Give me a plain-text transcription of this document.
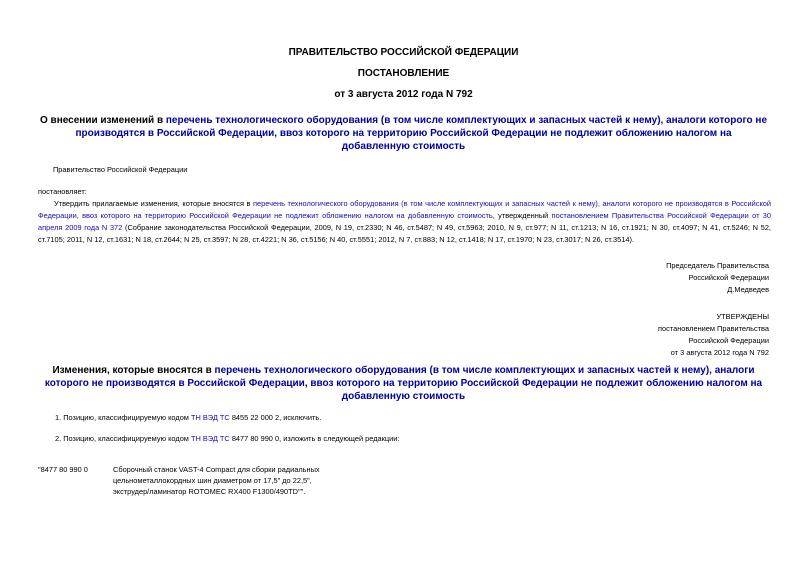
ПРАВИТЕЛЬСТВО РОССИЙСКОЙ ФЕДЕРАЦИИ
ПОСТАНОВЛЕНИЕ
от 3 августа 2012 года N 792
О внесении изменений в перечень технологического оборудования (в том числе комплектующих и запасных частей к нему), аналоги которого не производятся в Российской Федерации, ввоз которого на территорию Российской Федерации не подлежит обложению налогом на добавленную стоимость
Правительство Российской Федерации
постановляет:
Утвердить прилагаемые изменения, которые вносятся в перечень технологического оборудования (в том числе комплектующих и запасных частей к нему), аналоги которого не производятся в Российской Федерации, ввоз которого на территорию Российской Федерации не подлежит обложению налогом на добавленную стоимость, утвержденный постановлением Правительства Российской Федерации от 30 апреля 2009 года N 372 (Собрание законодательства Российской Федерации, 2009, N 19, ст.2330; N 46, ст.5487; N 49, ст.5963; 2010, N 9, ст.977; N 11, ст.1213; N 16, ст.1921; N 30, ст.4097; N 41, ст.5246; N 52, ст.7105; 2011, N 12, ст.1631; N 18, ст.2644; N 25, ст.3597; N 28, ст.4221; N 36, ст.5156; N 40, ст.5551; 2012, N 7, ст.883; N 12, ст.1418; N 17, ст.1970; N 23, ст.3017; N 26, ст.3514).
Председатель Правительства
Российской Федерации
Д.Медведев
УТВЕРЖДЕНЫ
постановлением Правительства
Российской Федерации
от 3 августа 2012 года N 792
Изменения, которые вносятся в перечень технологического оборудования (в том числе комплектующих и запасных частей к нему), аналоги которого не производятся в Российской Федерации, ввоз которого на территорию Российской Федерации не подлежит обложению налогом на добавленную стоимость
1. Позицию, классифицируемую кодом ТН ВЭД ТС 8455 22 000 2, исключить.
2. Позицию, классифицируемую кодом ТН ВЭД ТС 8477 80 990 0, изложить в следующей редакции:
"8477 80 990 0	Сборочный станок VAST-4 Compact для сборки радиальных
цельнометаллокордных шин диаметром от 17,5" до 22,5",
экструдер/ламинатор ROTOMEC RX400 F1300/490TD"".
